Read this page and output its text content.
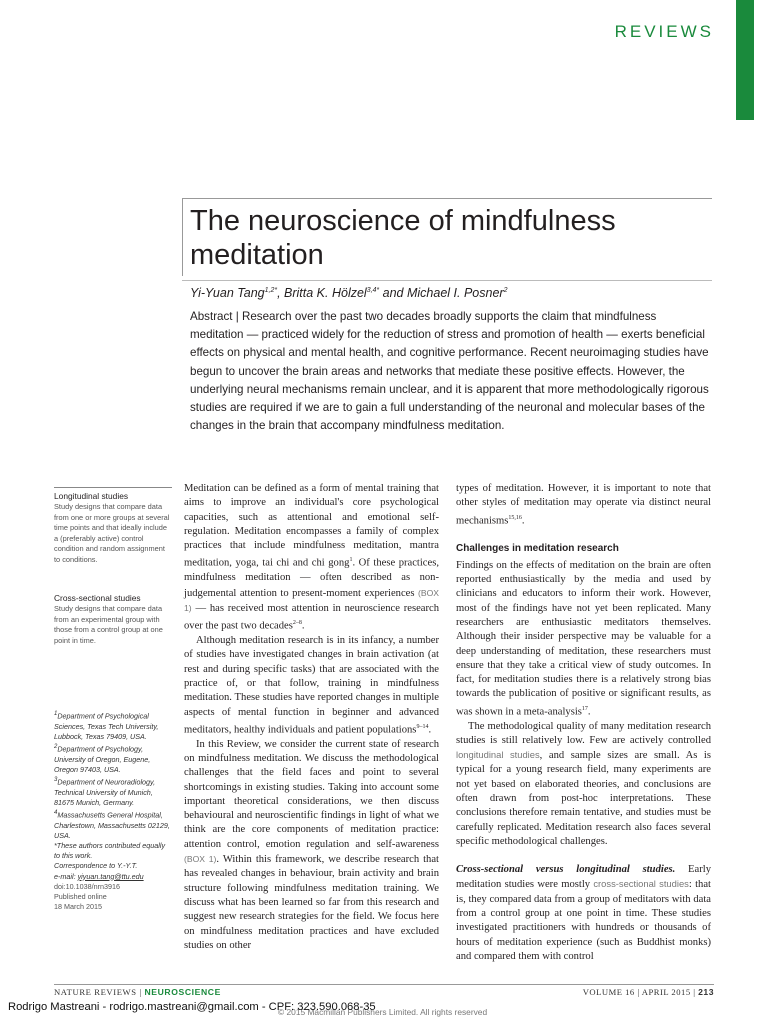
REVIEWS
The neuroscience of mindfulness meditation
Yi-Yuan Tang$^{1,2*}$, Britta K. Hölzel$^{3,4*}$ and Michael I. Posner$^2$
Abstract | Research over the past two decades broadly supports the claim that mindfulness meditation — practiced widely for the reduction of stress and promotion of health — exerts beneficial effects on physical and mental health, and cognitive performance. Recent neuroimaging studies have begun to uncover the brain areas and networks that mediate these positive effects. However, the underlying neural mechanisms remain unclear, and it is apparent that more methodologically rigorous studies are required if we are to gain a full understanding of the neuronal and molecular bases of the changes in the brain that accompany mindfulness meditation.
Longitudinal studies
Study designs that compare data from one or more groups at several time points and that ideally include a (preferably active) control condition and random assignment to conditions.
Cross-sectional studies
Study designs that compare data from an experimental group with those from a control group at one point in time.
$^1$Department of Psychological Sciences, Texas Tech University, Lubbock, Texas 79409, USA.
$^2$Department of Psychology, University of Oregon, Eugene, Oregon 97403, USA.
$^3$Department of Neuroradiology, Technical University of Munich, 81675 Munich, Germany.
$^4$Massachusetts General Hospital, Charlestown, Massachusetts 02129, USA.
*These authors contributed equally to this work.
Correspondence to Y.-Y.T.
e-mail: yiyuan.tang@ttu.edu
doi:10.1038/nrn3916
Published online
18 March 2015

Meditation can be defined as a form of mental training that aims to improve an individual's core psychological capacities, such as attentional and emotional self-regulation. Meditation encompasses a family of complex practices that include mindfulness meditation, mantra meditation, yoga, tai chi and chi gong$^1$. Of these practices, mindfulness meditation — often described as non-judgemental attention to present-moment experiences (BOX 1) — has received most attention in neuroscience research over the past two decades$^{2-8}$.

Although meditation research is in its infancy, a number of studies have investigated changes in brain activation (at rest and during specific tasks) that are associated with the practice of, or that follow, training in mindfulness meditation. These studies have reported changes in multiple aspects of mental function in beginner and advanced meditators, healthy individuals and patient populations$^{9-14}$.

In this Review, we consider the current state of research on mindfulness meditation. We discuss the methodological challenges that the field faces and point to several shortcomings in existing studies. Taking into account some important theoretical considerations, we then discuss behavioural and neuroscientific findings in light of what we think are the core components of meditation practice: attention control, emotion regulation and self-awareness (BOX 1). Within this framework, we describe research that has revealed changes in behaviour, brain activity and brain structure following mindfulness meditation training. We discuss what has been learned so far from this research and suggest new research strategies for the field. We focus here on mindfulness meditation practices and have excluded studies on other

types of meditation. However, it is important to note that other styles of meditation may operate via distinct neural mechanisms$^{15,16}$.

Challenges in meditation research

Findings on the effects of meditation on the brain are often reported enthusiastically by the media and used by clinicians and educators to inform their work. However, most of the findings have not yet been replicated. Many researchers are enthusiastic meditators themselves. Although their insider perspective may be valuable for a deep understanding of meditation, these researchers must ensure that they take a critical view of study outcomes. In fact, for meditation studies there is a relatively strong bias towards the publication of positive or significant results, as was shown in a meta-analysis$^{17}$.

The methodological quality of many meditation research studies is still relatively low. Few are actively controlled longitudinal studies, and sample sizes are small. As is typical for a young research field, many experiments are not yet based on elaborated theories, and conclusions are often drawn from post-hoc interpretations. These conclusions therefore remain tentative, and studies must be carefully replicated. Meditation research also faces several specific methodological challenges.

Cross-sectional versus longitudinal studies. Early meditation studies were mostly cross-sectional studies: that is, they compared data from a group of meditators with data from a control group at one point in time. These studies investigated practitioners with hundreds or thousands of hours of meditation experience (such as Buddhist monks) and compared them with control

NATURE REVIEWS | NEUROSCIENCE	VOLUME 16 | APRIL 2015 | 213
© 2015 Macmillan Publishers Limited. All rights reserved
Rodrigo Mastreani - rodrigo.mastreani@gmail.com - CPF: 323.590.068-35
